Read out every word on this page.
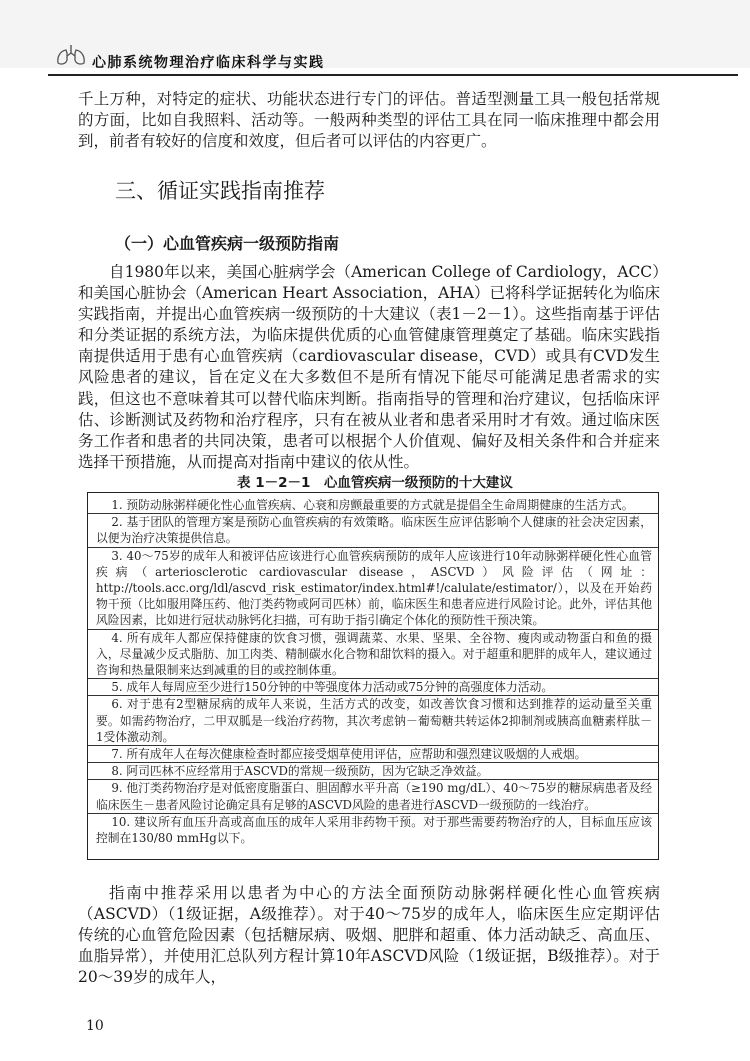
心肺系统物理治疗临床科学与实践

千上万种，对特定的症状、功能状态进行专门的评估。普适型测量工具一般包括常规的方面，比如自我照料、活动等。一般两种类型的评估工具在同一临床推理中都会用到，前者有较好的信度和效度，但后者可以评估的内容更广。

三、循证实践指南推荐
（一）心血管疾病一级预防指南

自1980年以来，美国心脏病学会（American College of Cardiology，ACC）和美国心脏协会（American Heart Association，AHA）已将科学证据转化为临床实践指南，并提出心血管疾病一级预防的十大建议（表1－2－1）。这些指南基于评估和分类证据的系统方法，为临床提供优质的心血管健康管理奠定了基础。临床实践指南提供适用于患有心血管疾病（cardiovascular disease，CVD）或具有CVD发生风险患者的建议，旨在定义在大多数但不是所有情况下能尽可能满足患者需求的实践，但这也不意味着其可以替代临床判断。指南指导的管理和治疗建议，包括临床评估、诊断测试及药物和治疗程序，只有在被从业者和患者采用时才有效。通过临床医务工作者和患者的共同决策，患者可以根据个人价值观、偏好及相关条件和合并症来选择干预措施，从而提高对指南中建议的依从性。

表 1－2－1　心血管疾病一级预防的十大建议

1. 预防动脉粥样硬化性心血管疾病、心衰和房颤最重要的方式就是提倡全生命周期健康的生活方式。

2. 基于团队的管理方案是预防心血管疾病的有效策略。临床医生应评估影响个人健康的社会决定因素，以便为治疗决策提供信息。

3. 40～75岁的成年人和被评估应该进行心血管疾病预防的成年人应该进行10年动脉粥样硬化性心血管疾病（arteriosclerotic cardiovascular disease，ASCVD）风险评估（网址：http://tools.acc.org/ldl/ascvd_risk_estimator/index.html#!/calulate/estimator/），以及在开始药物干预（比如服用降压药、他汀类药物或阿司匹林）前，临床医生和患者应进行风险讨论。此外，评估其他风险因素，比如进行冠状动脉钙化扫描，可有助于指引确定个体化的预防性干预决策。

4. 所有成年人都应保持健康的饮食习惯，强调蔬菜、水果、坚果、全谷物、瘦肉或动物蛋白和鱼的摄入，尽量减少反式脂肪、加工肉类、精制碳水化合物和甜饮料的摄入。对于超重和肥胖的成年人，建议通过咨询和热量限制来达到减重的目的或控制体重。

5. 成年人每周应至少进行150分钟的中等强度体力活动或75分钟的高强度体力活动。

6. 对于患有2型糖尿病的成年人来说，生活方式的改变，如改善饮食习惯和达到推荐的运动量至关重要。如需药物治疗，二甲双胍是一线治疗药物，其次考虑钠－葡萄糖共转运体2抑制剂或胰高血糖素样肽－1受体激动剂。

7. 所有成年人在每次健康检查时都应接受烟草使用评估，应帮助和强烈建议吸烟的人戒烟。

8. 阿司匹林不应经常用于ASCVD的常规一级预防，因为它缺乏净效益。

9. 他汀类药物治疗是对低密度脂蛋白、胆固醇水平升高（≥190 mg/dL）、40～75岁的糖尿病患者及经临床医生－患者风险讨论确定具有足够的ASCVD风险的患者进行ASCVD一级预防的一线治疗。

10. 建议所有血压升高或高血压的成年人采用非药物干预。对于那些需要药物治疗的人，目标血压应该控制在130/80 mmHg以下。

指南中推荐采用以患者为中心的方法全面预防动脉粥样硬化性心血管疾病（ASCVD）（1级证据，A级推荐）。对于40～75岁的成年人，临床医生应定期评估传统的心血管危险因素（包括糖尿病、吸烟、肥胖和超重、体力活动缺乏、高血压、血脂异常），并使用汇总队列方程计算10年ASCVD风险（1级证据，B级推荐）。对于20～39岁的成年人，

10
